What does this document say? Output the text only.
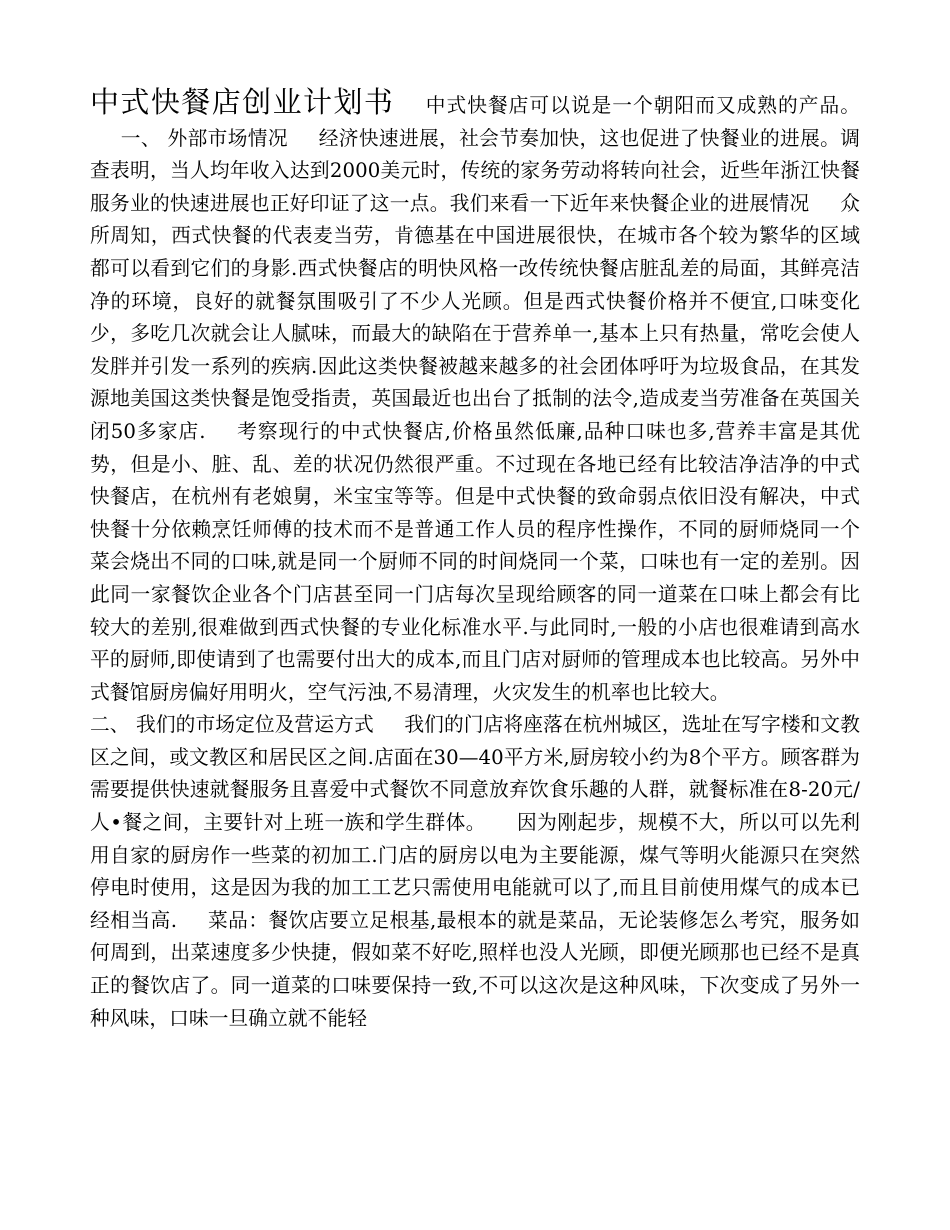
中式快餐店创业计划书 中式快餐店可以说是一个朝阳而又成熟的产品。一、 外部市场情况 经济快速进展，社会节奏加快，这也促进了快餐业的进展。调查表明，当人均年收入达到2000美元时，传统的家务劳动将转向社会，近些年浙江快餐服务业的快速进展也正好印证了这一点。我们来看一下近年来快餐企业的进展情况 众所周知，西式快餐的代表麦当劳，肯德基在中国进展很快，在城市各个较为繁华的区域都可以看到它们的身影.西式快餐店的明快风格一改传统快餐店脏乱差的局面，其鲜亮洁净的环境，良好的就餐氛围吸引了不少人光顾。但是西式快餐价格并不便宜,口味变化少，多吃几次就会让人腻味，而最大的缺陷在于营养单一,基本上只有热量，常吃会使人发胖并引发一系列的疾病.因此这类快餐被越来越多的社会团体呼吁为垃圾食品，在其发源地美国这类快餐是饱受指责，英国最近也出台了抵制的法令,造成麦当劳准备在英国关闭50多家店. 考察现行的中式快餐店,价格虽然低廉,品种口味也多,营养丰富是其优势，但是小、脏、乱、差的状况仍然很严重。不过现在各地已经有比较洁净洁净的中式快餐店，在杭州有老娘舅，米宝宝等等。但是中式快餐的致命弱点依旧没有解决，中式快餐十分依赖烹饪师傅的技术而不是普通工作人员的程序性操作，不同的厨师烧同一个菜会烧出不同的口味,就是同一个厨师不同的时间烧同一个菜，口味也有一定的差别。因此同一家餐饮企业各个门店甚至同一门店每次呈现给顾客的同一道菜在口味上都会有比较大的差别,很难做到西式快餐的专业化标准水平.与此同时,一般的小店也很难请到高水平的厨师,即使请到了也需要付出大的成本,而且门店对厨师的管理成本也比较高。另外中式餐馆厨房偏好用明火，空气污浊,不易清理，火灾发生的机率也比较大。
二、 我们的市场定位及营运方式 我们的门店将座落在杭州城区，选址在写字楼和文教区之间，或文教区和居民区之间.店面在30—40平方米,厨房较小约为8个平方。顾客群为需要提供快速就餐服务且喜爱中式餐饮不同意放弃饮食乐趣的人群，就餐标准在8-20元/人•餐之间，主要针对上班一族和学生群体。 因为刚起步，规模不大，所以可以先利用自家的厨房作一些菜的初加工.门店的厨房以电为主要能源，煤气等明火能源只在突然停电时使用，这是因为我的加工工艺只需使用电能就可以了,而且目前使用煤气的成本已经相当高. 菜品：餐饮店要立足根基,最根本的就是菜品，无论装修怎么考究，服务如何周到，出菜速度多少快捷，假如菜不好吃,照样也没人光顾，即便光顾那也已经不是真正的餐饮店了。同一道菜的口味要保持一致,不可以这次是这种风味，下次变成了另外一种风味，口味一旦确立就不能轻
